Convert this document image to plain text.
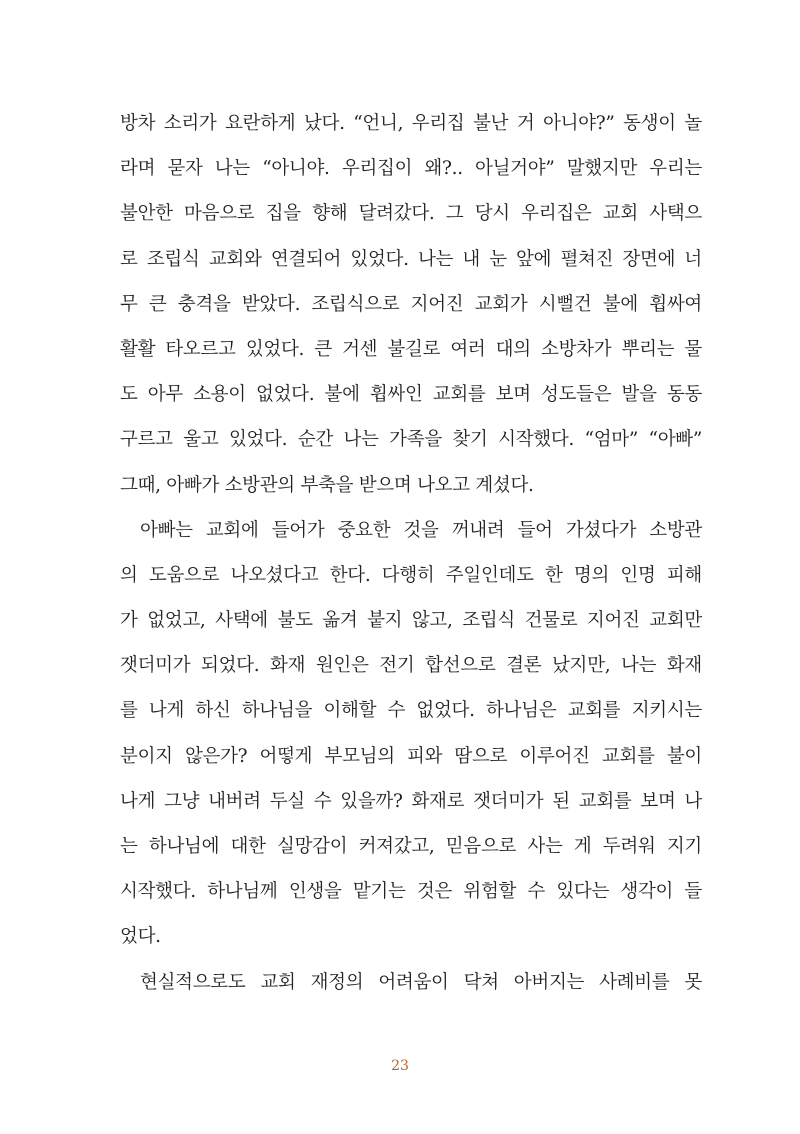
방차 소리가 요란하게 났다. “언니, 우리집 불난 거 아니야?” 동생이 놀
라며 묻자 나는 “아니야. 우리집이 왜?.. 아닐거야” 말했지만 우리는
불안한 마음으로 집을 향해 달려갔다. 그 당시 우리집은 교회 사택으
로 조립식 교회와 연결되어 있었다. 나는 내 눈 앞에 펼쳐진 장면에 너
무 큰 충격을 받았다. 조립식으로 지어진 교회가 시뻘건 불에 휩싸여
활활 타오르고 있었다. 큰 거센 불길로 여러 대의 소방차가 뿌리는 물
도 아무 소용이 없었다. 불에 휩싸인 교회를 보며 성도들은 발을 동동
구르고 울고 있었다. 순간 나는 가족을 찾기 시작했다. “엄마” “아빠”
그때, 아빠가 소방관의 부축을 받으며 나오고 계셨다.
아빠는 교회에 들어가 중요한 것을 꺼내려 들어 가셨다가 소방관
의 도움으로 나오셨다고 한다. 다행히 주일인데도 한 명의 인명 피해
가 없었고, 사택에 불도 옮겨 붙지 않고, 조립식 건물로 지어진 교회만
잿더미가 되었다. 화재 원인은 전기 합선으로 결론 났지만, 나는 화재
를 나게 하신 하나님을 이해할 수 없었다. 하나님은 교회를 지키시는
분이지 않은가? 어떻게 부모님의 피와 땀으로 이루어진 교회를 불이
나게 그냥 내버려 두실 수 있을까? 화재로 잿더미가 된 교회를 보며 나
는 하나님에 대한 실망감이 커져갔고, 믿음으로 사는 게 두려워 지기
시작했다. 하나님께 인생을 맡기는 것은 위험할 수 있다는 생각이 들
었다.
현실적으로도 교회 재정의 어려움이 닥쳐 아버지는 사례비를 못
23
